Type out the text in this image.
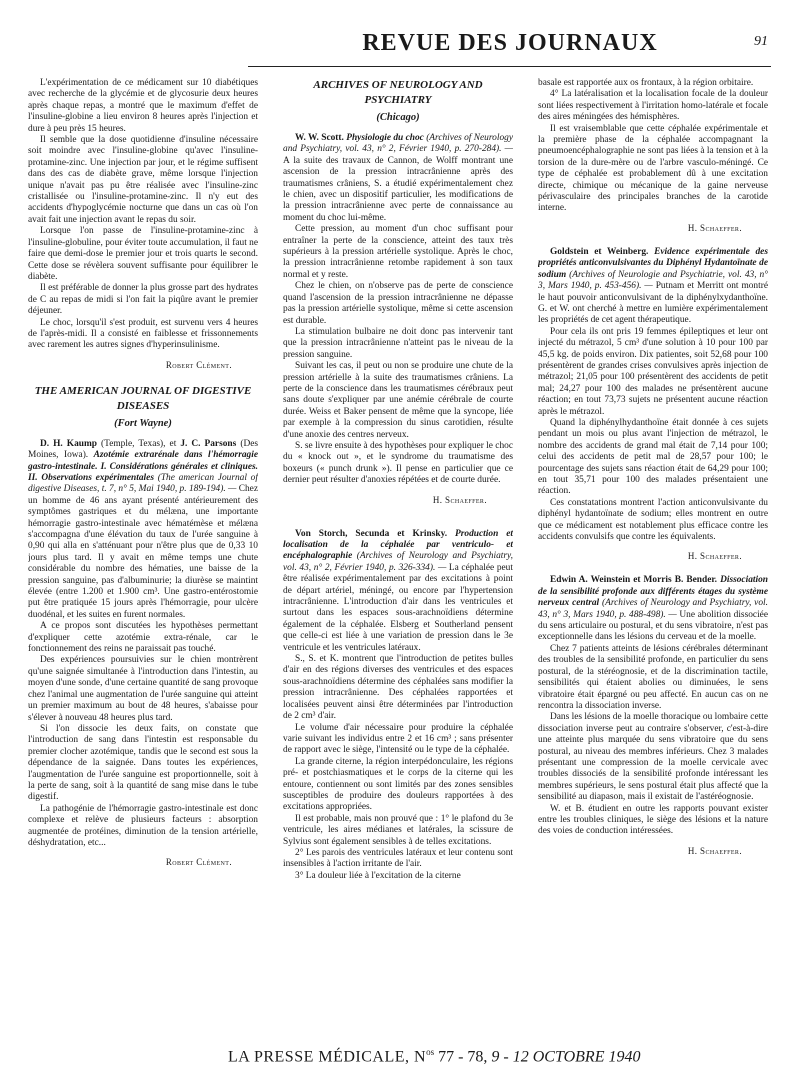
REVUE DES JOURNAUX	91

L'expérimentation de ce médicament sur 10 diabétiques avec recherche de la glycémie et de glycosurie deux heures après chaque repas, a montré que le maximum d'effet de l'insuline-globine a lieu environ 8 heures après l'injection et dure à peu près 15 heures.

Il semble que la dose quotidienne d'insuline nécessaire soit moindre avec l'insuline-globine qu'avec l'insuline-protamine-zinc. Une injection par jour, et le régime suffisent dans des cas de diabète grave, même lorsque l'injection unique n'avait pas pu être réalisée avec l'insuline-zinc cristallisée ou l'insuline-protamine-zinc. Il n'y eut des accidents d'hypoglycémie nocturne que dans un cas où l'on avait fait une injection avant le repas du soir.

Lorsque l'on passe de l'insuline-protamine-zinc à l'insuline-globuline, pour éviter toute accumulation, il faut ne faire que demi-dose le premier jour et trois quarts le second. Cette dose se révèlera souvent suffisante pour équilibrer le diabète.

Il est préférable de donner la plus grosse part des hydrates de C au repas de midi si l'on fait la piqûre avant le premier déjeuner.

Le choc, lorsqu'il s'est produit, est survenu vers 4 heures de l'après-midi. Il a consisté en faiblesse et frissonnements avec rarement les autres signes d'hyperinsulinisme.

Robert Clément.
THE AMERICAN JOURNAL OF DIGESTIVE DISEASES
(Fort Wayne)

D. H. Kaump (Temple, Texas), et J. C. Parsons (Des Moines, Iowa). Azotémie extrarénale dans l'hémorragie gastro-intestinale. I. Considérations générales et cliniques. II. Observations expérimentales (The american Journal of digestive Diseases, t. 7, n° 5, Mai 1940, p. 189-194). — Chez un homme de 46 ans ayant présenté antérieurement des symptômes gastriques et du mélæna, une importante hémorragie gastro-intestinale avec hématémèse et mélæna s'accompagna d'une élévation du taux de l'urée sanguine à 0,90 qui alla en s'atténuant pour n'être plus que de 0,33 10 jours plus tard. Il y avait en même temps une chute considérable du nombre des hématies, une baisse de la pression sanguine, pas d'albuminurie; la diurèse se maintint élevée (entre 1.200 et 1.900 cm³. Une gastro-entérostomie put être pratiquée 15 jours après l'hémorragie, pour ulcère duodénal, et les suites en furent normales.

A ce propos sont discutées les hypothèses permettant d'expliquer cette azotémie extra-rénale, car le fonctionnement des reins ne paraissait pas touché.

Des expériences poursuivies sur le chien montrèrent qu'une saignée simultanée à l'introduction dans l'intestin, au moyen d'une sonde, d'une certaine quantité de sang provoque chez l'animal une augmentation de l'urée sanguine qui atteint un premier maximum au bout de 48 heures, s'abaisse pour s'élever à nouveau 48 heures plus tard.

Si l'on dissocie les deux faits, on constate que l'introduction de sang dans l'intestin est responsable du premier clocher azotémique, tandis que le second est sous la dépendance de la saignée. Dans toutes les expériences, l'augmentation de l'urée sanguine est proportionnelle, soit à la perte de sang, soit à la quantité de sang mise dans le tube digestif.

La pathogénie de l'hémorragie gastro-intestinale est donc complexe et relève de plusieurs facteurs : absorption augmentée de protéines, diminution de la tension artérielle, déshydratation, etc...

Robert Clément.
ARCHIVES OF NEUROLOGY AND PSYCHIATRY
(Chicago)

W. W. Scott. Physiologie du choc (Archives of Neurology and Psychiatry, vol. 43, n° 2, Février 1940, p. 270-284). — A la suite des travaux de Cannon, de Wolff montrant une ascension de la pression intracrânienne après des traumatismes crâniens, S. a étudié expérimentalement chez le chien, avec un dispositif particulier, les modifications de la pression intracrânienne avec perte de connaissance au moment du choc lui-même.

Cette pression, au moment d'un choc suffisant pour entraîner la perte de la conscience, atteint des taux très supérieurs à la pression artérielle systolique. Après le choc, la pression intracrânienne retombe rapidement à son taux normal et y reste.

Chez le chien, on n'observe pas de perte de conscience quand l'ascension de la pression intracrânienne ne dépasse pas la pression artérielle systolique, même si cette ascension est durable.

La stimulation bulbaire ne doit donc pas intervenir tant que la pression intracrânienne n'atteint pas le niveau de la pression sanguine.

Suivant les cas, il peut ou non se produire une chute de la pression artérielle à la suite des traumatismes crâniens. La perte de la conscience dans les traumatismes cérébraux peut sans doute s'expliquer par une anémie cérébrale de courte durée. Weiss et Baker pensent de même que la syncope, liée par exemple à la compression du sinus carotidien, résulte d'une anoxie des centres nerveux.

S. se livre ensuite à des hypothèses pour expliquer le choc du « knock out », et le syndrome du traumatisme des boxeurs (« punch drunk »). Il pense en particulier que ce dernier peut résulter d'anoxies répétées et de courte durée.

H. Schaeffer.

Von Storch, Secunda et Krinsky. Production et localisation de la céphalée par ventriculo- et encéphalographie (Archives of Neurology and Psychiatry, vol. 43, n° 2, Février 1940, p. 326-334). — La céphalée peut être réalisée expérimentalement par des excitations à point de départ artériel, méningé, ou encore par l'hypertension intracrânienne. L'introduction d'air dans les ventricules et surtout dans les espaces sous-arachnoïdiens détermine également de la céphalée. Elsberg et Southerland pensent que celle-ci est liée à une variation de pression dans le 3e ventricule et les ventricules latéraux.

S., S. et K. montrent que l'introduction de petites bulles d'air en des régions diverses des ventricules et des espaces sous-arachnoïdiens détermine des céphalées sans modifier la pression intracrânienne. Des céphalées rapportées et localisées peuvent ainsi être déterminées par l'introduction de 2 cm³ d'air.

Le volume d'air nécessaire pour produire la céphalée varie suivant les individus entre 2 et 16 cm³ ; sans présenter de rapport avec le siège, l'intensité ou le type de la céphalée.

La grande citerne, la région interpédonculaire, les régions pré- et postchiasmatiques et le corps de la citerne qui les entoure, contiennent ou sont limités par des zones sensibles susceptibles de produire des douleurs rapportées à des excitations appropriées.

Il est probable, mais non prouvé que : 1° le plafond du 3e ventricule, les aires médianes et latérales, la scissure de Sylvius sont également sensibles à de telles excitations.

2° Les parois des ventricules latéraux et leur contenu sont insensibles à l'action irritante de l'air.

3° La douleur liée à l'excitation de la citerne

basale est rapportée aux os frontaux, à la région orbitaire.

4° La latéralisation et la localisation focale de la douleur sont liées respectivement à l'irritation homo-latérale et focale des aires méningées des hémisphères.

Il est vraisemblable que cette céphalée expérimentale et la première phase de la céphalée accompagnant la pneumoencéphalographie ne sont pas liées à la tension et à la torsion de la dure-mère ou de l'arbre vasculo-méningé. Ce type de céphalée est probablement dû à une excitation directe, chimique ou mécanique de la gaine nerveuse périvasculaire des principales branches de la carotide interne.

H. Schaeffer.

Goldstein et Weinberg. Evidence expérimentale des propriétés anticonvulsivantes du Diphényl Hydantoïnate de sodium (Archives of Neurologie and Psychiatrie, vol. 43, n° 3, Mars 1940, p. 453-456). — Putnam et Merritt ont montré le haut pouvoir anticonvulsivant de la diphénylxydanthoïne. G. et W. ont cherché à mettre en lumière expérimentalement les propriétés de cet agent thérapeutique.

Pour cela ils ont pris 19 femmes épileptiques et leur ont injecté du métrazol, 5 cm³ d'une solution à 10 pour 100 par 45,5 kg. de poids environ. Dix patientes, soit 52,68 pour 100 présentèrent de grandes crises convulsives après injection de métrazol; 21,05 pour 100 présentèrent des accidents de petit mal; 24,27 pour 100 des malades ne présentèrent aucune réaction; en tout 73,73 sujets ne présentent aucune réaction après le métrazol.

Quand la diphénylhydanthoïne était donnée à ces sujets pendant un mois ou plus avant l'injection de métrazol, le nombre des accidents de grand mal était de 7,14 pour 100; celui des accidents de petit mal de 28,57 pour 100; le pourcentage des sujets sans réaction était de 64,29 pour 100; en tout 35,71 pour 100 des malades présentaient une réaction.

Ces constatations montrent l'action anticonvulsivante du diphényl hydantoïnate de sodium; elles montrent en outre que ce médicament est notablement plus efficace contre les accidents convulsifs que contre les équivalents.

H. Schaeffer.

Edwin A. Weinstein et Morris B. Bender. Dissociation de la sensibilité profonde aux différents étages du système nerveux central (Archives of Neurology and Psychiatry, vol. 43, n° 3, Mars 1940, p. 488-498). — Une abolition dissociée du sens articulaire ou postural, et du sens vibratoire, n'est pas exceptionnelle dans les lésions du cerveau et de la moelle.

Chez 7 patients atteints de lésions cérébrales déterminant des troubles de la sensibilité profonde, en particulier du sens postural, de la stéréognosie, et de la discrimination tactile, sensibilités qui étaient abolies ou diminuées, le sens vibratoire était épargné ou peu affecté. En aucun cas on ne rencontra la dissociation inverse.

Dans les lésions de la moelle thoracique ou lombaire cette dissociation inverse peut au contraire s'observer, c'est-à-dire une atteinte plus marquée du sens vibratoire que du sens postural, au niveau des membres inférieurs. Chez 3 malades présentant une compression de la moelle cervicale avec troubles dissociés de la sensibilité profonde intéressant les membres supérieurs, le sens postural était plus affecté que la sensibilité au diapason, mais il existait de l'astéréognosie.

W. et B. étudient en outre les rapports pouvant exister entre les troubles cliniques, le siège des lésions et la nature des voies de conduction intéressées.

H. Schaeffer.
LA PRESSE MÉDICALE, $N^{os}$ 77 - 78, 9 - 12 OCTOBRE 1940
